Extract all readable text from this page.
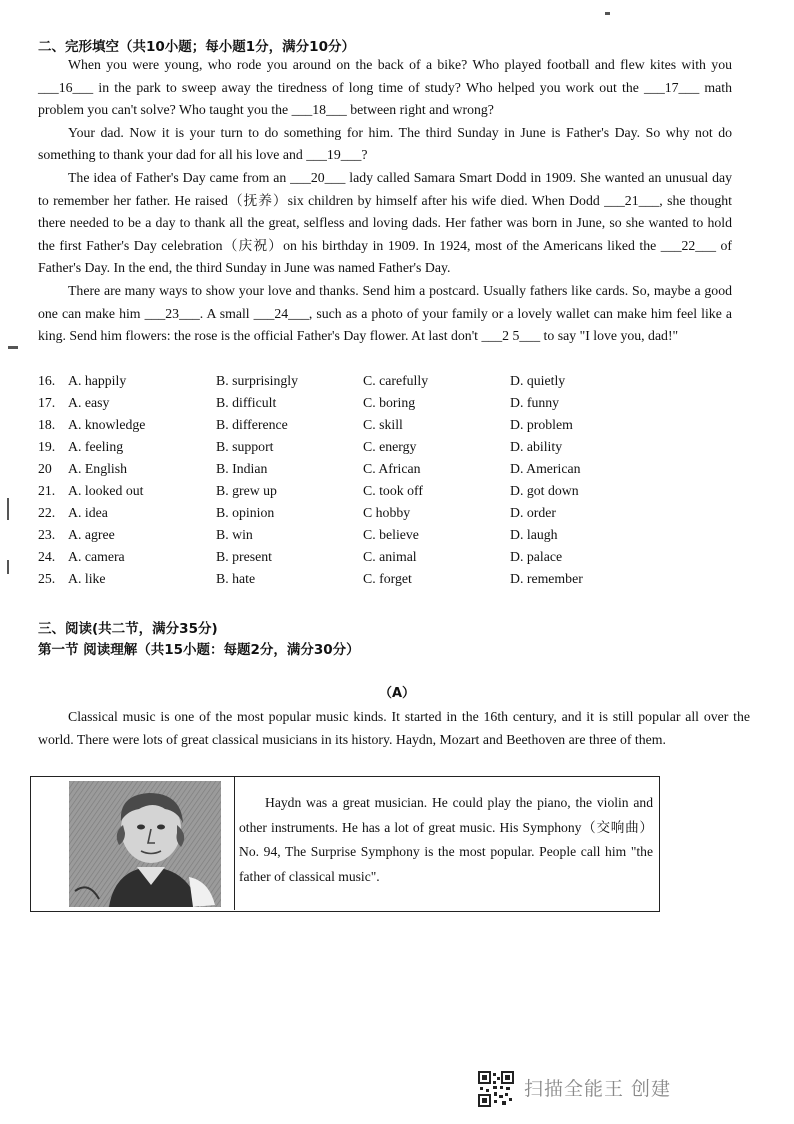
二、完形填空（共10小题；每小题1分，满分10分）

When you were young, who rode you around on the back of a bike? Who played football and flew kites with you ___16___ in the park to sweep away the tiredness of long time of study? Who helped you work out the ___17___ math problem you can't solve? Who taught you the ___18___ between right and wrong?

Your dad. Now it is your turn to do something for him. The third Sunday in June is Father's Day. So why not do something to thank your dad for all his love and ___19___?

The idea of Father's Day came from an ___20___ lady called Samara Smart Dodd in 1909. She wanted an unusual day to remember her father. He raised（抚养）six children by himself after his wife died. When Dodd ___21___, she thought there needed to be a day to thank all the great, selfless and loving dads. Her father was born in June, so she wanted to hold the first Father's Day celebration（庆祝）on his birthday in 1909. In 1924, most of the Americans liked the ___22___ of Father's Day. In the end, the third Sunday in June was named Father's Day.

There are many ways to show your love and thanks. Send him a postcard. Usually fathers like cards. So, maybe a good one can make him ___23___. A small ___24___, such as a photo of your family or a lovely wallet can make him feel like a king. Send him flowers: the rose is the official Father's Day flower. At last don't ___2 5___ to say "I love you, dad!"

16. A. happily	B. surprisingly	C. carefully	D. quietly
17. A. easy	B. difficult	C. boring	D. funny
18. A. knowledge	B. difference	C. skill	D. problem
19. A. feeling	B. support	C. energy	D. ability
20 A. English	B. Indian	C. African	D. American
21. A. looked out	B. grew up	C. took off	D. got down
22. A. idea	B. opinion	C hobby	D. order
23. A. agree	B. win	C. believe	D. laugh
24. A. camera	B. present	C. animal	D. palace
25. A. like	B. hate	C. forget	D. remember
三、阅读(共二节，满分35分)
第一节 阅读理解（共15小题：每题2分，满分30分）
（A）

Classical music is one of the most popular music kinds. It started in the 16th century, and it is still popular all over the world. There were lots of great classical musicians in its history. Haydn, Mozart and Beethoven are three of them.

Haydn was a great musician. He could play the piano, the violin and other instruments. He has a lot of great music. His Symphony（交响曲）No. 94, The Surprise Symphony is the most popular. People call him "the father of classical music".

扫描全能王 创建
